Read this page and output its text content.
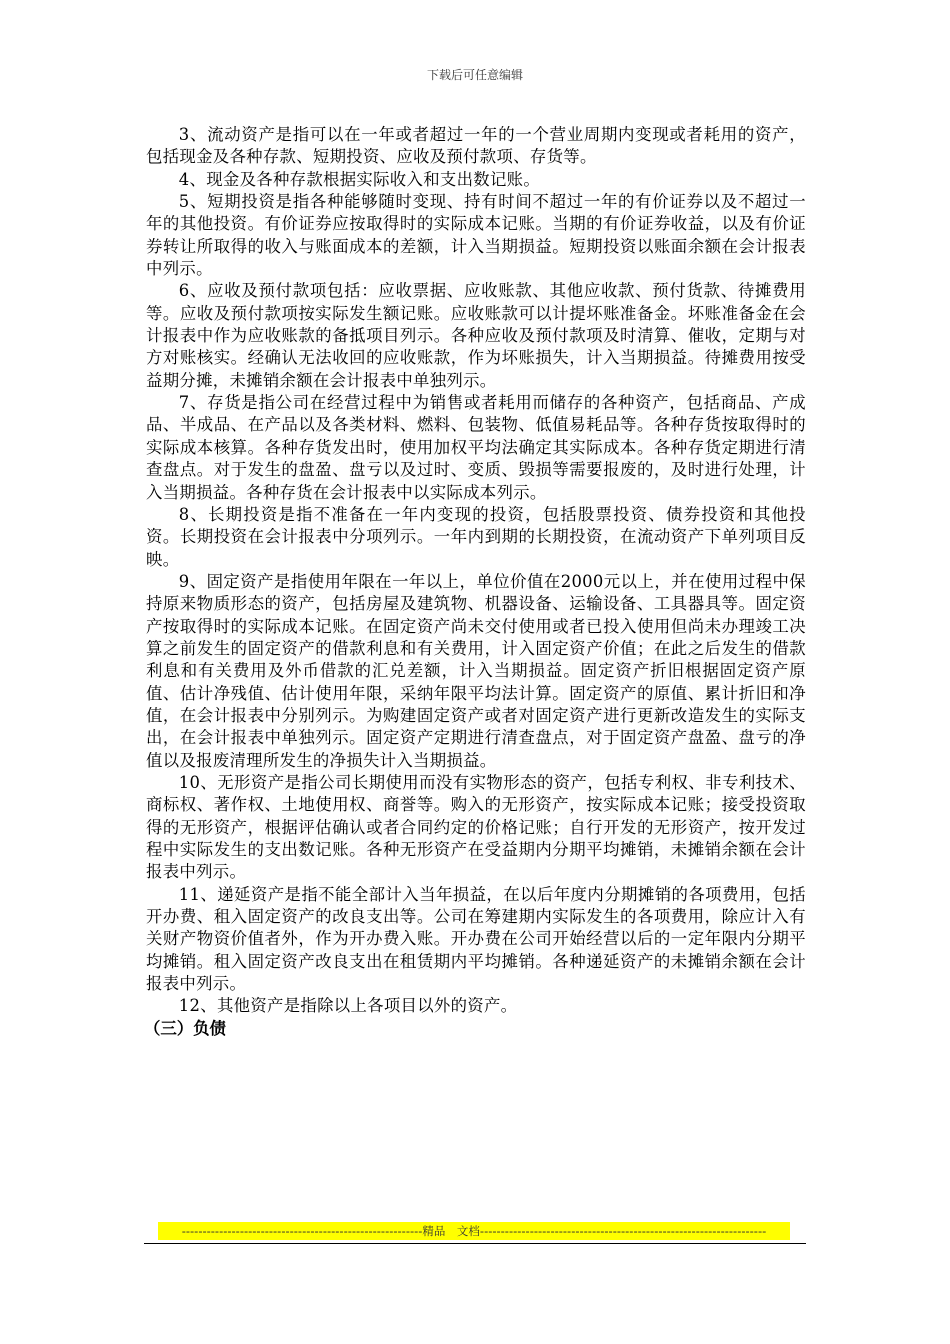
下载后可任意编辑

3、流动资产是指可以在一年或者超过一年的一个营业周期内变现或者耗用的资产，包括现金及各种存款、短期投资、应收及预付款项、存货等。

4、现金及各种存款根据实际收入和支出数记账。

5、短期投资是指各种能够随时变现、持有时间不超过一年的有价证券以及不超过一年的其他投资。有价证券应按取得时的实际成本记账。当期的有价证券收益，以及有价证券转让所取得的收入与账面成本的差额，计入当期损益。短期投资以账面余额在会计报表中列示。

6、应收及预付款项包括：应收票据、应收账款、其他应收款、预付货款、待摊费用等。应收及预付款项按实际发生额记账。应收账款可以计提坏账准备金。坏账准备金在会计报表中作为应收账款的备抵项目列示。各种应收及预付款项及时清算、催收，定期与对方对账核实。经确认无法收回的应收账款，作为坏账损失，计入当期损益。待摊费用按受益期分摊，未摊销余额在会计报表中单独列示。

7、存货是指公司在经营过程中为销售或者耗用而储存的各种资产，包括商品、产成品、半成品、在产品以及各类材料、燃料、包装物、低值易耗品等。各种存货按取得时的实际成本核算。各种存货发出时，使用加权平均法确定其实际成本。各种存货定期进行清查盘点。对于发生的盘盈、盘亏以及过时、变质、毁损等需要报废的，及时进行处理，计入当期损益。各种存货在会计报表中以实际成本列示。

8、长期投资是指不准备在一年内变现的投资，包括股票投资、债券投资和其他投资。长期投资在会计报表中分项列示。一年内到期的长期投资，在流动资产下单列项目反映。

9、固定资产是指使用年限在一年以上，单位价值在2000元以上，并在使用过程中保持原来物质形态的资产，包括房屋及建筑物、机器设备、运输设备、工具器具等。固定资产按取得时的实际成本记账。在固定资产尚未交付使用或者已投入使用但尚未办理竣工决算之前发生的固定资产的借款利息和有关费用，计入固定资产价值；在此之后发生的借款利息和有关费用及外币借款的汇兑差额，计入当期损益。固定资产折旧根据固定资产原值、估计净残值、估计使用年限，采纳年限平均法计算。固定资产的原值、累计折旧和净值，在会计报表中分别列示。为购建固定资产或者对固定资产进行更新改造发生的实际支出，在会计报表中单独列示。固定资产定期进行清查盘点，对于固定资产盘盈、盘亏的净值以及报废清理所发生的净损失计入当期损益。

10、无形资产是指公司长期使用而没有实物形态的资产，包括专利权、非专利技术、商标权、著作权、土地使用权、商誉等。购入的无形资产，按实际成本记账；接受投资取得的无形资产，根据评估确认或者合同约定的价格记账；自行开发的无形资产，按开发过程中实际发生的支出数记账。各种无形资产在受益期内分期平均摊销，未摊销余额在会计报表中列示。

11、递延资产是指不能全部计入当年损益，在以后年度内分期摊销的各项费用，包括开办费、租入固定资产的改良支出等。公司在筹建期内实际发生的各项费用，除应计入有关财产物资价值者外，作为开办费入账。开办费在公司开始经营以后的一定年限内分期平均摊销。租入固定资产改良支出在租赁期内平均摊销。各种递延资产的未摊销余额在会计报表中列示。

12、其他资产是指除以上各项目以外的资产。

（三）负债

----------------------------------------------------------精品　文档---------------------------------------------------------------------
